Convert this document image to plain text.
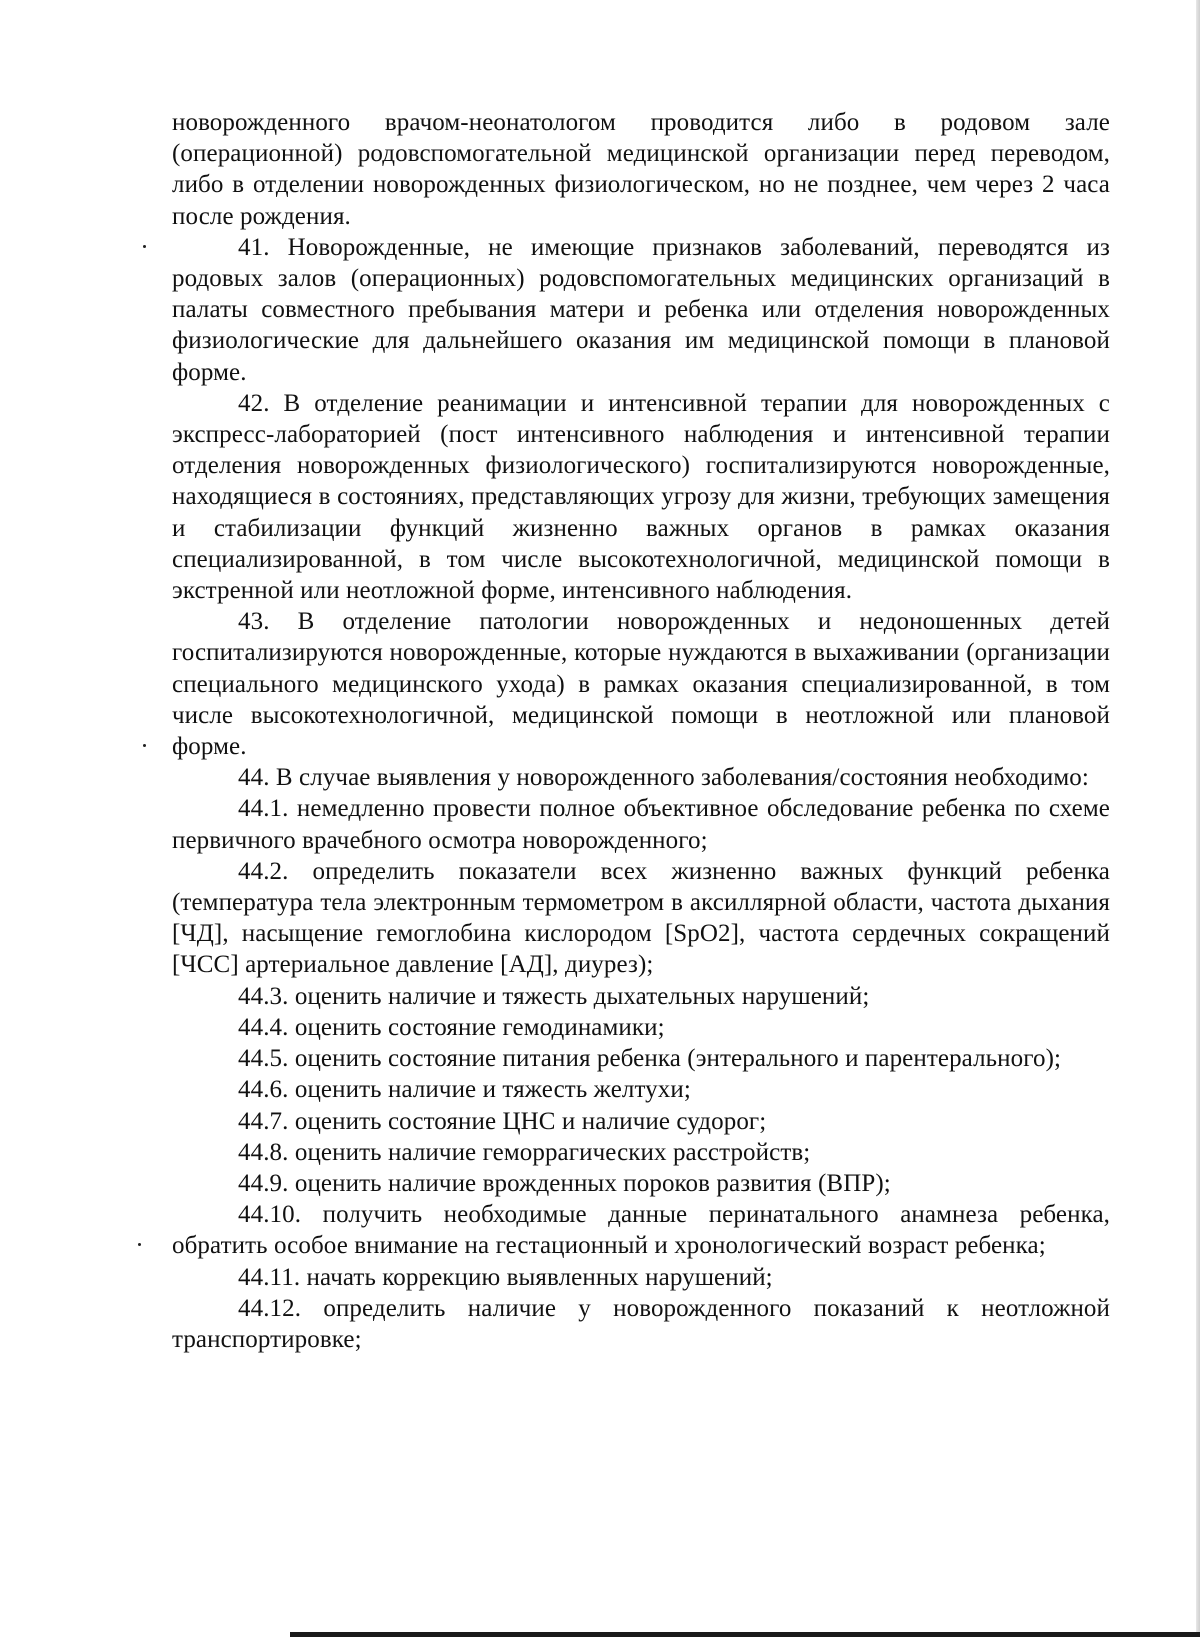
новорожденного врачом-неонатологом проводится либо в родовом зале (операционной) родовспомогательной медицинской организации перед переводом, либо в отделении новорожденных физиологическом, но не позднее, чем через 2 часа после рождения.

41. Новорожденные, не имеющие признаков заболеваний, переводятся из родовых залов (операционных) родовспомогательных медицинских организаций в палаты совместного пребывания матери и ребенка или отделения новорожденных физиологические для дальнейшего оказания им медицинской помощи в плановой форме.

42. В отделение реанимации и интенсивной терапии для новорожденных с экспресс-лабораторией (пост интенсивного наблюдения и интенсивной терапии отделения новорожденных физиологического) госпитализируются новорожденные, находящиеся в состояниях, представляющих угрозу для жизни, требующих замещения и стабилизации функций жизненно важных органов в рамках оказания специализированной, в том числе высокотехнологичной, медицинской помощи в экстренной или неотложной форме, интенсивного наблюдения.

43. В отделение патологии новорожденных и недоношенных детей госпитализируются новорожденные, которые нуждаются в выхаживании (организации специального медицинского ухода) в рамках оказания специализированной, в том числе высокотехнологичной, медицинской помощи в неотложной или плановой форме.

44. В случае выявления у новорожденного заболевания/состояния необходимо:

44.1. немедленно провести полное объективное обследование ребенка по схеме первичного врачебного осмотра новорожденного;

44.2. определить показатели всех жизненно важных функций ребенка (температура тела электронным термометром в аксиллярной области, частота дыхания [ЧД], насыщение гемоглобина кислородом [SpO2], частота сердечных сокращений [ЧСС] артериальное давление [АД], диурез);

44.3. оценить наличие и тяжесть дыхательных нарушений;

44.4. оценить состояние гемодинамики;

44.5. оценить состояние питания ребенка (энтерального и парентерального);

44.6. оценить наличие и тяжесть желтухи;

44.7. оценить состояние ЦНС и наличие судорог;

44.8. оценить наличие геморрагических расстройств;

44.9. оценить наличие врожденных пороков развития (ВПР);

44.10. получить необходимые данные перинатального анамнеза ребенка, обратить особое внимание на гестационный и хронологический возраст ребенка;

44.11. начать коррекцию выявленных нарушений;

44.12. определить наличие у новорожденного показаний к неотложной транспортировке;
